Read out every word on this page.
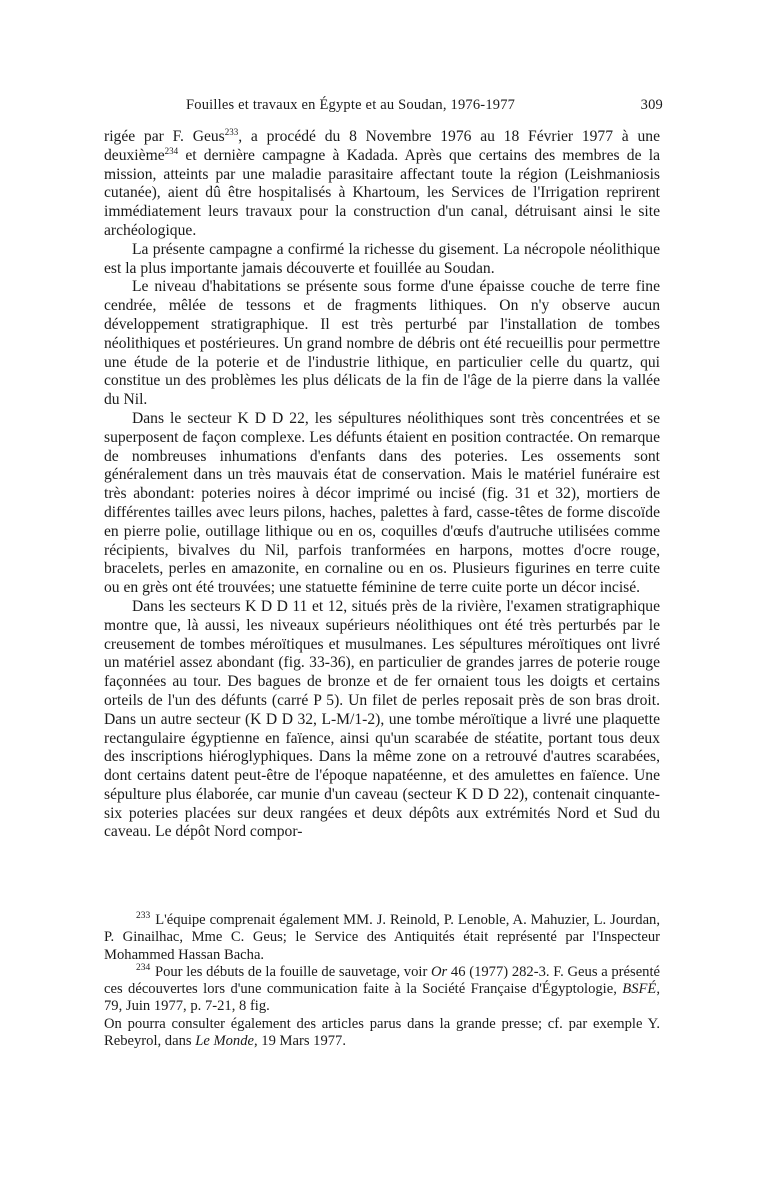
Fouilles et travaux en Égypte et au Soudan, 1976-1977	309

rigée par F. Geus$^{233}$, a procédé du 8 Novembre 1976 au 18 Février 1977 à une deuxième$^{234}$ et dernière campagne à Kadada. Après que certains des membres de la mission, atteints par une maladie parasitaire affectant toute la région (Leishmaniosis cutanée), aient dû être hospitalisés à Khartoum, les Services de l'Irrigation reprirent immédiatement leurs travaux pour la construction d'un canal, détruisant ainsi le site archéologique.

La présente campagne a confirmé la richesse du gisement. La nécropole néolithique est la plus importante jamais découverte et fouillée au Soudan.

Le niveau d'habitations se présente sous forme d'une épaisse couche de terre fine cendrée, mêlée de tessons et de fragments lithiques. On n'y observe aucun développement stratigraphique. Il est très perturbé par l'installation de tombes néolithiques et postérieures. Un grand nombre de débris ont été recueillis pour permettre une étude de la poterie et de l'industrie lithique, en particulier celle du quartz, qui constitue un des problèmes les plus délicats de la fin de l'âge de la pierre dans la vallée du Nil.

Dans le secteur K D D 22, les sépultures néolithiques sont très concentrées et se superposent de façon complexe. Les défunts étaient en position contractée. On remarque de nombreuses inhumations d'enfants dans des poteries. Les ossements sont généralement dans un très mauvais état de conservation. Mais le matériel funéraire est très abondant: poteries noires à décor imprimé ou incisé (fig. 31 et 32), mortiers de différentes tailles avec leurs pilons, haches, palettes à fard, casse-têtes de forme discoïde en pierre polie, outillage lithique ou en os, coquilles d'œufs d'autruche utilisées comme récipients, bivalves du Nil, parfois tranformées en harpons, mottes d'ocre rouge, bracelets, perles en amazonite, en cornaline ou en os. Plusieurs figurines en terre cuite ou en grès ont été trouvées; une statuette féminine de terre cuite porte un décor incisé.

Dans les secteurs K D D 11 et 12, situés près de la rivière, l'examen stratigraphique montre que, là aussi, les niveaux supérieurs néolithiques ont été très perturbés par le creusement de tombes méroïtiques et musulmanes. Les sépultures méroïtiques ont livré un matériel assez abondant (fig. 33-36), en particulier de grandes jarres de poterie rouge façonnées au tour. Des bagues de bronze et de fer ornaient tous les doigts et certains orteils de l'un des défunts (carré P 5). Un filet de perles reposait près de son bras droit. Dans un autre secteur (K D D 32, L-M/1-2), une tombe méroïtique a livré une plaquette rectangulaire égyptienne en faïence, ainsi qu'un scarabée de stéatite, portant tous deux des inscriptions hiéroglyphiques. Dans la même zone on a retrouvé d'autres scarabées, dont certains datent peut-être de l'époque napatéenne, et des amulettes en faïence. Une sépulture plus élaborée, car munie d'un caveau (secteur K D D 22), contenait cinquante-six poteries placées sur deux rangées et deux dépôts aux extrémités Nord et Sud du caveau. Le dépôt Nord compor-

$^{233}$ L'équipe comprenait également MM. J. Reinold, P. Lenoble, A. Mahuzier, L. Jourdan, P. Ginailhac, Mme C. Geus; le Service des Antiquités était représenté par l'Inspecteur Mohammed Hassan Bacha.

$^{234}$ Pour les débuts de la fouille de sauvetage, voir Or 46 (1977) 282-3. F. Geus a présenté ces découvertes lors d'une communication faite à la Société Française d'Égyptologie, BSFÉ, 79, Juin 1977, p. 7-21, 8 fig.

On pourra consulter également des articles parus dans la grande presse; cf. par exemple Y. Rebeyrol, dans Le Monde, 19 Mars 1977.
